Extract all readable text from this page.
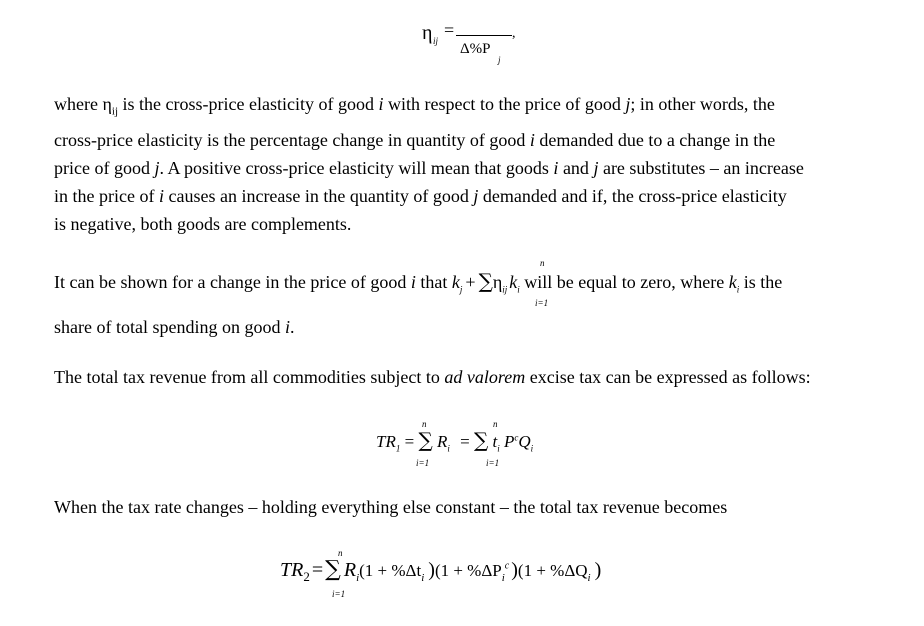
η ij
=
Δ%P
j
,
where $\eta_{ij}$ is the cross-price elasticity of good i with respect to the price of good j; in other words, the
cross-price elasticity is the percentage change in quantity of good i demanded due to a change in the
price of good j. A positive cross-price elasticity will mean that goods i and j are substitutes – an increase
in the price of i causes an increase in the quantity of good j demanded and if, the cross-price elasticity
is negative, both goods are complements.
It can be shown for a change in the price of good i that $k_j + \sum\eta_{ij}$ $k_i$ will be equal to zero, where $k_i$ is the
n
i=1
share of total spending on good i.
The total tax revenue from all commodities subject to ad valorem excise tax can be expressed as follows:
$TR_1$ = ∑ $R_i$ = ∑ $t_i$ $P^cQ_i$
n
i=1
n
i=1
When the tax rate changes – holding everything else constant – the total tax revenue becomes
$TR_2$ =∑ $R_i(1 + \%\Delta t_i$ )($1 + \%\Delta P_i^c$ )($1 + \%\Delta Q_i$ )
n
i=1
